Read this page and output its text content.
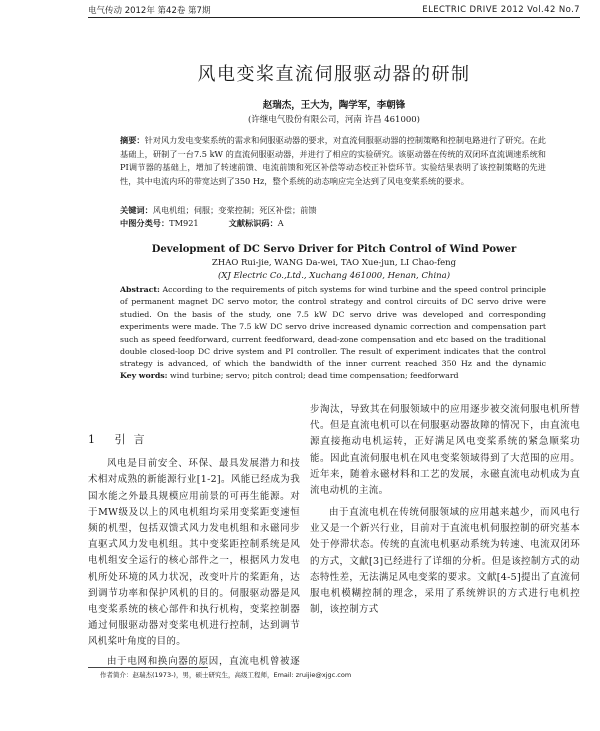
电气传动 2012年 第42卷 第7期	ELECTRIC DRIVE 2012 Vol.42 No.7
风电变桨直流伺服驱动器的研制
赵瑞杰，王大为，陶学军，李朝锋
(许继电气股份有限公司，河南 许昌 461000)
摘要：针对风力发电变桨系统的需求和伺服驱动器的要求，对直流伺服驱动器的控制策略和控制电路进行了研究。在此基础上，研制了一台7.5 kW 的直流伺服驱动器，并进行了相应的实验研究。该驱动器在传统的双闭环直流调速系统和PI调节器的基础上，增加了转速前馈、电流前馈和死区补偿等动态校正补偿环节。实验结果表明了该控制策略的先进性，其中电流内环的带宽达到了350 Hz，整个系统的动态响应完全达到了风电变桨系统的要求。
关键词：风电机组；伺服；变桨控制；死区补偿；前馈
中图分类号：TM921	文献标识码：A
Development of DC Servo Driver for Pitch Control of Wind Power
ZHAO Rui-jie, WANG Da-wei, TAO Xue-jun, LI Chao-feng
(XJ Electric Co.,Ltd., Xuchang 461000, Henan, China)
Abstract: According to the requirements of pitch systems for wind turbine and the speed control principle of permanent magnet DC servo motor, the control strategy and control circuits of DC servo drive were studied. On the basis of the study, one 7.5 kW DC servo drive was developed and corresponding experiments were made. The 7.5 kW DC servo drive increased dynamic correction and compensation part such as speed feedforward, current feedforward, dead-zone compensation and etc based on the traditional double closed-loop DC drive system and PI controller. The result of experiment indicates that the control strategy is advanced, of which the bandwidth of the inner current reached 350 Hz and the dynamic
Key words: wind turbine; servo; pitch control; dead time compensation; feedforward
1 引言

风电是目前安全、环保、最具发展潜力和技术相对成熟的新能源行业[1-2]。风能已经成为我国水能之外最具规模应用前景的可再生能源。对于MW级及以上的风电机组均采用变桨距变速恒频的机型，包括双馈式风力发电机组和永磁同步直驱式风力发电机组。其中变桨距控制系统是风电机组安全运行的核心部件之一，根据风力发电机所处环境的风力状况，改变叶片的桨距角，达到调节功率和保护风机的目的。伺服驱动器是风电变桨系统的核心部件和执行机构，变桨控制器通过伺服驱动器对变桨电机进行控制，达到调节风机桨叶角度的目的。

由于电网和换向器的原因，直流电机曾被逐

步淘汰，导致其在伺服领域中的应用逐步被交流伺服电机所替代。但是直流电机可以在伺服驱动器故障的情况下，由直流电源直接拖动电机运转，正好满足风电变桨系统的紧急顺桨功能。因此直流伺服电机在风电变桨领域得到了大范围的应用。近年来，随着永磁材料和工艺的发展，永磁直流电动机成为直流电动机的主流。

由于直流电机在传统伺服领域的应用越来越少，而风电行业又是一个新兴行业，目前对于直流电机伺服控制的研究基本处于停滞状态。传统的直流电机驱动系统为转速、电流双闭环的方式，文献[3]已经进行了详细的分析。但是该控制方式的动态特性差，无法满足风电变桨的要求。文献[4-5]提出了直流伺服电机模糊控制的理念，采用了系统辨识的方式进行电机控制，该控制方式

作者简介：赵瑞杰(1973-)，男，硕士研究生，高级工程师，Email: zruijie@xjgc.com
